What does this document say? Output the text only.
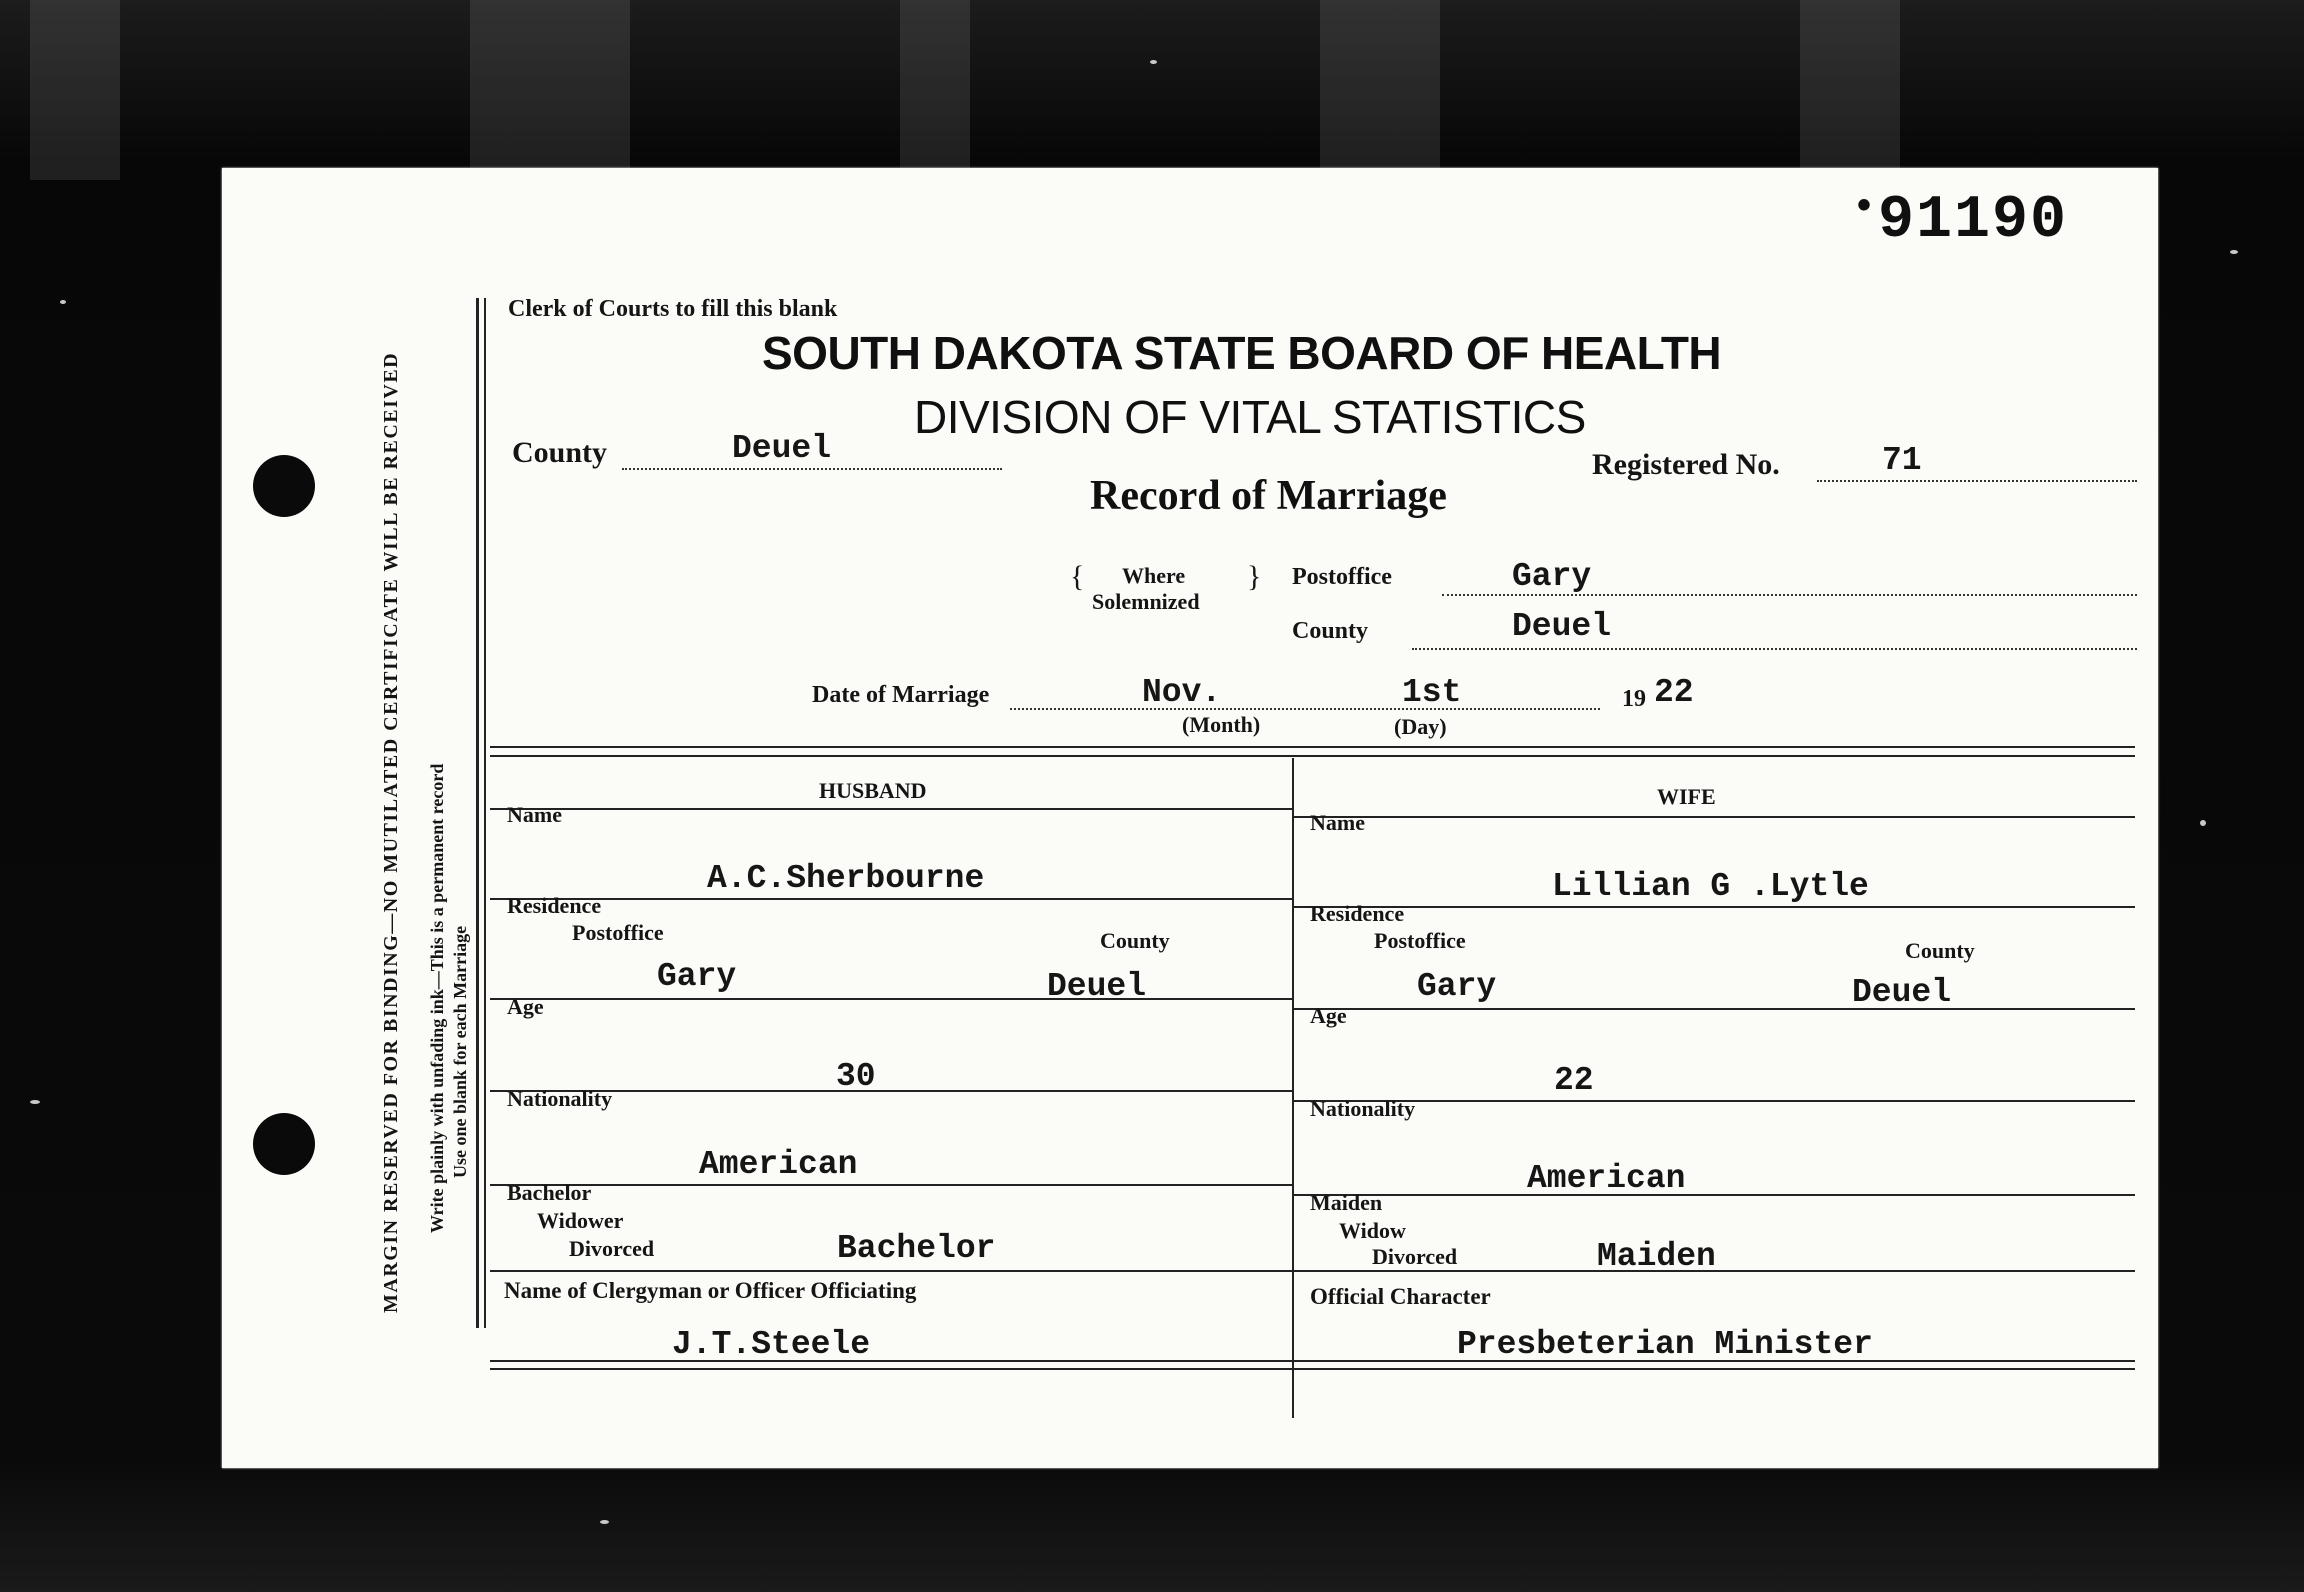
MARGIN RESERVED FOR BINDING—NO MUTILATED CERTIFICATE WILL BE RECEIVED Write plainly with unfading ink—This is a permanent record Use one blank for each Marriage
•91190
Clerk of Courts to fill this blank
SOUTH DAKOTA STATE BOARD OF HEALTH
DIVISION OF VITAL STATISTICS
Record of Marriage
County	Deuel	Registered No.	71
{ Where
Solemnized
} Postoffice	Gary
County	Deuel
Date of Marriage	Nov.
(Month)
1st
(Day)
19 22
HUSBAND
Name
A.C.Sherbourne
Residence
Postoffice	County
Gary	Deuel
Age
30
Nationality
American
Bachelor
Widower
Divorced	Bachelor
WIFE
Name
Lillian G .Lytle
Residence
Postoffice	County
Gary	Deuel
Age
22
Nationality
American
Maiden
Widow
Divorced	Maiden
Name of Clergyman or Officer Officiating
J.T.Steele
Official Character
Presbeterian Minister
